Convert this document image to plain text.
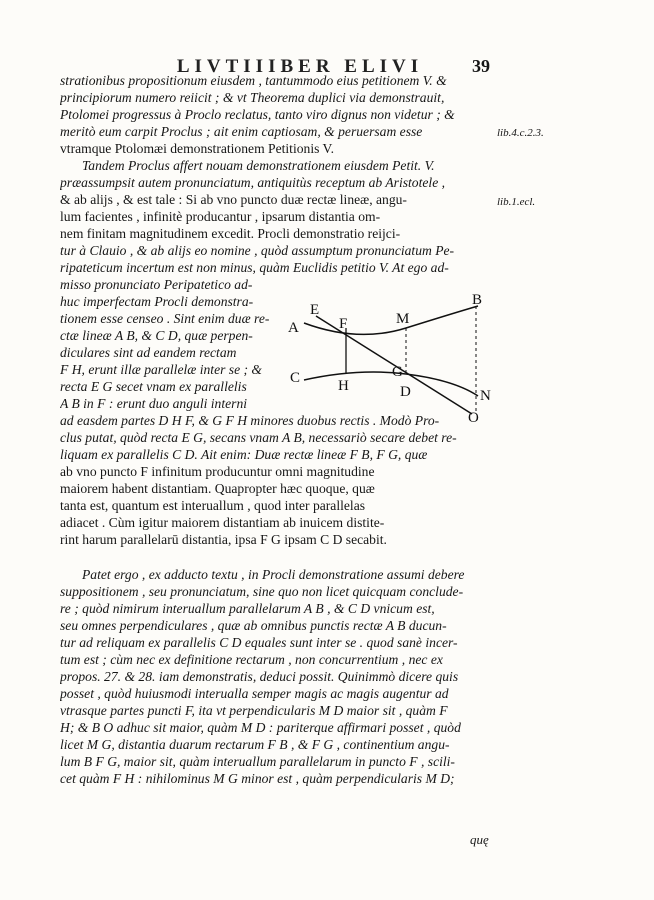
LIVTIIIBER ELIVI	39
strationibus propositionum eiusdem , tantummodo eius petitionem V. &
principiorum numero reiicit ; & vt Theorema duplici via demonstrauit,
Ptolomei progressus à Proclo reclatus, tanto viro dignus non videtur ; &
meritò eum carpit Proclus ; ait enim captiosam, & peruersam esse
vtramque Ptolomæi demonstrationem Petitionis V.
Tandem Proclus affert nouam demonstrationem eiusdem Petit. V.
præassumpsit autem pronunciatum, antiquitùs receptum ab Aristotele ,
& ab alijs , & est tale : Si ab vno puncto duæ rectæ lineæ, angu-
lum facientes , infinitè producantur , ipsarum distantia om-
nem finitam magnitudinem excedit. Procli demonstratio reijci-
tur à Clauio , & ab alijs eo nomine , quòd assumptum pronunciatum Pe-
ripateticum incertum est non minus, quàm Euclidis petitio V. At ego ad-
misso pronunciato Peripatetico ad-
huc imperfectam Procli demonstra-
tionem esse censeo . Sint enim duæ re-
ctæ lineæ A B, & C D, quæ perpen-
diculares sint ad eandem rectam
F H, erunt illæ parallelæ inter se ; &
recta E G secet vnam ex parallelis
A B in F : erunt duo anguli interni
ad easdem partes D H F, & G F H minores duobus rectis . Modò Pro-
clus putat, quòd recta E G, secans vnam A B, necessariò secare debet re-
liquam ex parallelis C D. Ait enim: Duæ rectæ lineæ F B, F G, quæ
ab vno puncto F infinitum producuntur omni magnitudine
maiorem habent distantiam. Quapropter hæc quoque, quæ
tanta est, quantum est interuallum , quod inter parallelas
adiacet . Cùm igitur maiorem distantiam ab inuicem distite-
rint harum parallelarū distantia, ipsa F G ipsam C D secabit.
Patet ergo , ex adducto textu , in Procli demonstratione assumi debere
suppositionem , seu pronunciatum, sine quo non licet quicquam conclude-
re ; quòd nimirum interuallum parallelarum A B , & C D vnicum est,
seu omnes perpendiculares , quæ ab omnibus punctis rectæ A B ducun-
tur ad reliquam ex parallelis C D equales sunt inter se . quod sanè incer-
tum est ; cùm nec ex definitione rectarum , non concurrentium , nec ex
propos. 27. & 28. iam demonstratis, deduci possit. Quinimmò dicere quis
posset , quòd huiusmodi interualla semper magis ac magis augentur ad
vtrasque partes puncti F, ita vt perpendicularis M D maior sit , quàm F
H; & B O adhuc sit maior, quàm M D : pariterque affirmari posset , quòd
licet M G, distantia duarum rectarum F B , & F G , continentium angu-
lum B F G, maior sit, quàm interuallum parallelarum in puncto F , scili-
cet quàm F H : nihilominus M G minor est , quàm perpendicularis M D;
lib.4.c.2.3.
lib.1.ecl.
quę
A
E
F	M
B
C	H
G
D	N
O
